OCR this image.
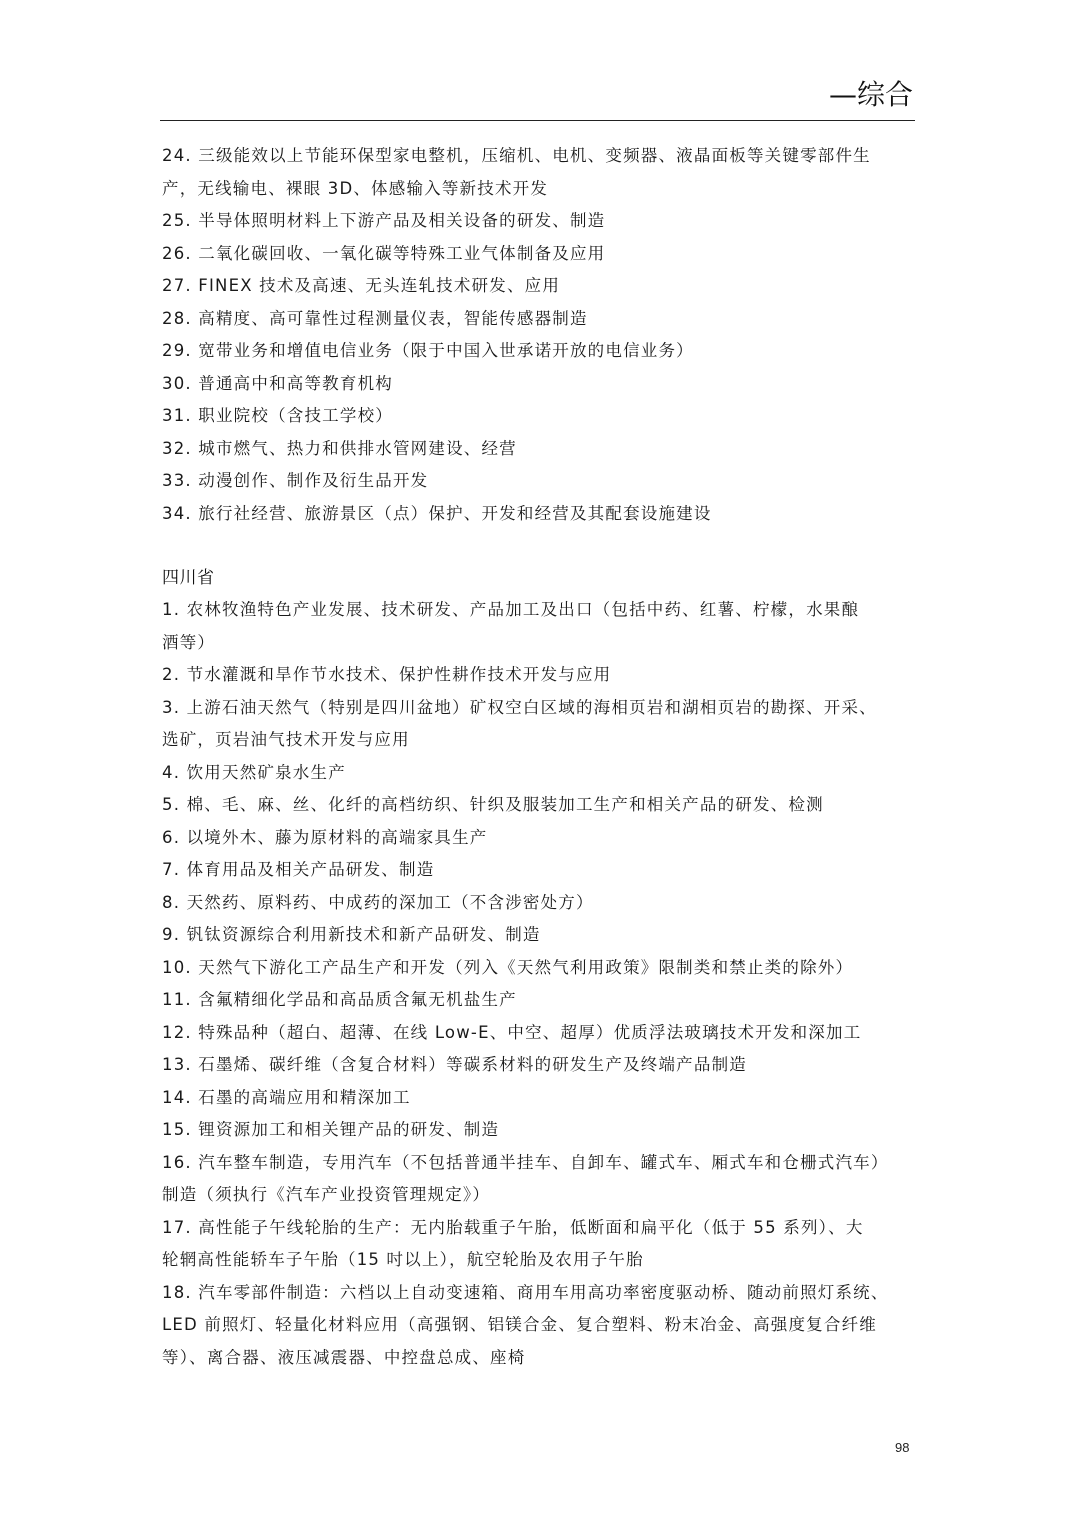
—综合
24. 三级能效以上节能环保型家电整机，压缩机、电机、变频器、液晶面板等关键零部件生
产，无线输电、裸眼 3D、体感输入等新技术开发
25. 半导体照明材料上下游产品及相关设备的研发、制造
26. 二氧化碳回收、一氧化碳等特殊工业气体制备及应用
27. FINEX 技术及高速、无头连轧技术研发、应用
28. 高精度、高可靠性过程测量仪表，智能传感器制造
29. 宽带业务和增值电信业务（限于中国入世承诺开放的电信业务）
30. 普通高中和高等教育机构
31. 职业院校（含技工学校）
32. 城市燃气、热力和供排水管网建设、经营
33. 动漫创作、制作及衍生品开发
34. 旅行社经营、旅游景区（点）保护、开发和经营及其配套设施建设
四川省
1. 农林牧渔特色产业发展、技术研发、产品加工及出口（包括中药、红薯、柠檬，水果酿
酒等）
2. 节水灌溉和旱作节水技术、保护性耕作技术开发与应用
3. 上游石油天然气（特别是四川盆地）矿权空白区域的海相页岩和湖相页岩的勘探、开采、
选矿，页岩油气技术开发与应用
4. 饮用天然矿泉水生产
5. 棉、毛、麻、丝、化纤的高档纺织、针织及服装加工生产和相关产品的研发、检测
6. 以境外木、藤为原材料的高端家具生产
7. 体育用品及相关产品研发、制造
8. 天然药、原料药、中成药的深加工（不含涉密处方）
9. 钒钛资源综合利用新技术和新产品研发、制造
10. 天然气下游化工产品生产和开发（列入《天然气利用政策》限制类和禁止类的除外）
11. 含氟精细化学品和高品质含氟无机盐生产
12. 特殊品种（超白、超薄、在线 Low-E、中空、超厚）优质浮法玻璃技术开发和深加工
13. 石墨烯、碳纤维（含复合材料）等碳系材料的研发生产及终端产品制造
14. 石墨的高端应用和精深加工
15. 锂资源加工和相关锂产品的研发、制造
16. 汽车整车制造，专用汽车（不包括普通半挂车、自卸车、罐式车、厢式车和仓栅式汽车）
制造（须执行《汽车产业投资管理规定》）
17. 高性能子午线轮胎的生产：无内胎载重子午胎，低断面和扁平化（低于 55 系列）、大
轮辋高性能轿车子午胎（15 吋以上），航空轮胎及农用子午胎
18. 汽车零部件制造：六档以上自动变速箱、商用车用高功率密度驱动桥、随动前照灯系统、
LED 前照灯、轻量化材料应用（高强钢、铝镁合金、复合塑料、粉末冶金、高强度复合纤维
等）、离合器、液压减震器、中控盘总成、座椅
98
